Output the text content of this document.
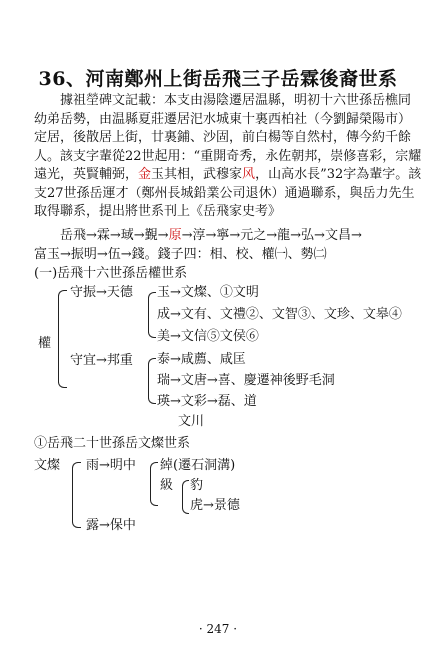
36、河南鄭州上街岳飛三子岳霖後裔世系
據祖塋碑文記載：本支由湯陰遷居温縣，明初十六世孫岳樵同
幼弟岳勢，由温縣夏莊遷居汜水城東十裏西柏社（今劉歸榮陽市）
定居，後散居上街，廿裏鋪、沙固，前白楊等自然村，傳今約千餘
人。該支字輩從22世起用：“重開奇秀，永佐朝邦，崇修喜彩，宗耀
遠光，英賢輔弼，金玉其相，武穆家风，山高水長”32字為輩字。該
支27世孫岳運才（鄭州長城鉛業公司退休）通過聯系，與岳力先生
取得聯系，提出將世系刊上《岳飛家史考》
岳飛→霖→琙→覲→原→淳→寧→元之→龍→弘→文昌→
富玉→振明→伍→錢。錢子四：相、校、權㈠、勢㈡
(一)岳飛十六世孫岳權世系
權
守振→天德 玉→文燦、①文明
成→文有、文禮②、文智③、文珍、文皋④
美→文信⑤文侯⑥
守宜→邦重 泰→咸薦、咸匡
瑞→文唐→喜、慶遷神後野毛洞
瑛→文彩→磊、道
文川
①岳飛二十世孫岳文燦世系
文燦 雨→明中 綽(遷石洞溝)
級 豹
虎→景德
露→保中
· 247 ·
